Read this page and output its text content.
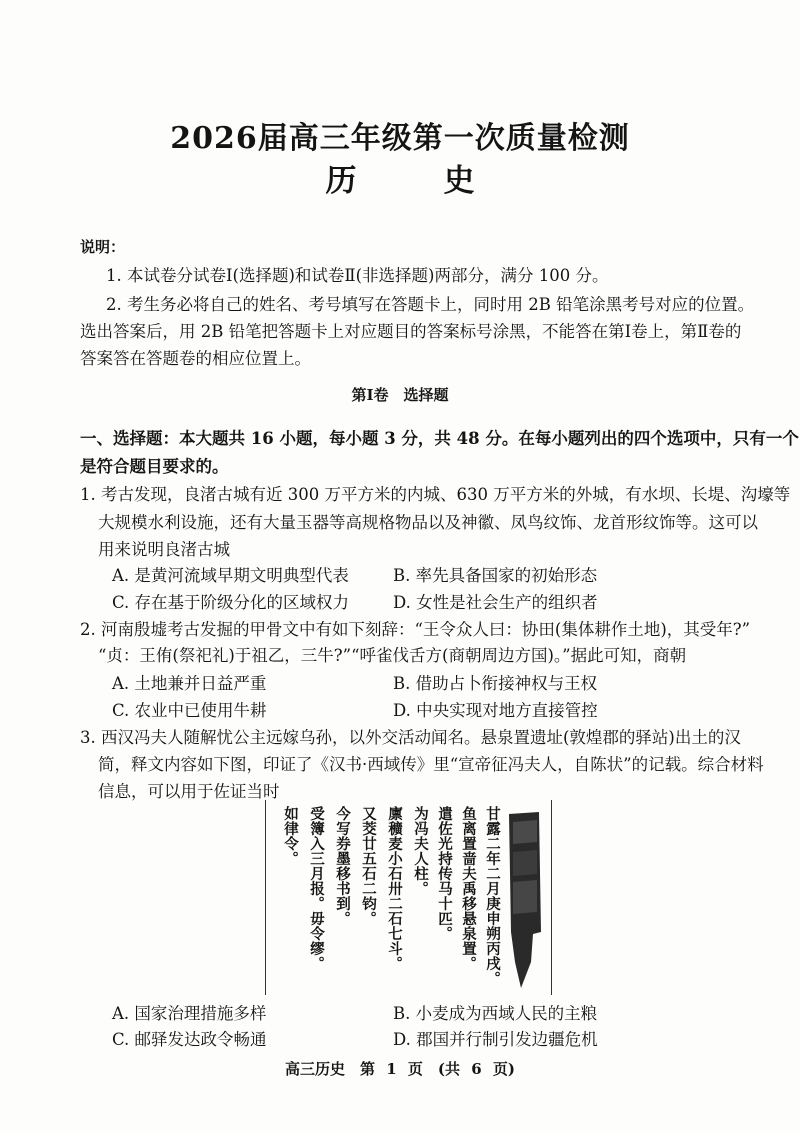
2026届高三年级第一次质量检测
历　史
说明：
1. 本试卷分试卷Ⅰ(选择题)和试卷Ⅱ(非选择题)两部分，满分 100 分。
2. 考生务必将自己的姓名、考号填写在答题卡上，同时用 2B 铅笔涂黑考号对应的位置。
选出答案后，用 2B 铅笔把答题卡上对应题目的答案标号涂黑，不能答在第Ⅰ卷上，第Ⅱ卷的
答案答在答题卷的相应位置上。
第Ⅰ卷　选择题
一、选择题：本大题共 16 小题，每小题 3 分，共 48 分。在每小题列出的四个选项中，只有一个
是符合题目要求的。
1. 考古发现，良渚古城有近 300 万平方米的内城、630 万平方米的外城，有水坝、长堤、沟壕等
大规模水利设施，还有大量玉器等高规格物品以及神徽、凤鸟纹饰、龙首形纹饰等。这可以
用来说明良渚古城
A. 是黄河流域早期文明典型代表	B. 率先具备国家的初始形态
C. 存在基于阶级分化的区域权力	D. 女性是社会生产的组织者
2. 河南殷墟考古发掘的甲骨文中有如下刻辞：“王令众人曰：协田(集体耕作土地)，其受年?”
“贞：王侑(祭祀礼)于祖乙，三牛?”“呼雀伐舌方(商朝周边方国)。”据此可知，商朝
A. 土地兼并日益严重	B. 借助占卜衔接神权与王权
C. 农业中已使用牛耕	D. 中央实现对地方直接管控
3. 西汉冯夫人随解忧公主远嫁乌孙，以外交活动闻名。悬泉置遗址(敦煌郡的驿站)出土的汉
简，释文内容如下图，印证了《汉书·西域传》里“宣帝征冯夫人，自陈状”的记载。综合材料
信息，可以用于佐证当时
甘露二年二月庚申朔丙戌。
鱼离置啬夫禹移悬泉置。
遣佐光持传马十匹。
为冯夫人柱。
廪穬麦小石卅二石七斗。
又茭廿五石二钧。
今写券墨移书到。
受簿入三月报。毋令缪。
如律令。
A. 国家治理措施多样	B. 小麦成为西域人民的主粮
C. 邮驿发达政令畅通	D. 郡国并行制引发边疆危机
高三历史　第 1 页　(共 6 页)
